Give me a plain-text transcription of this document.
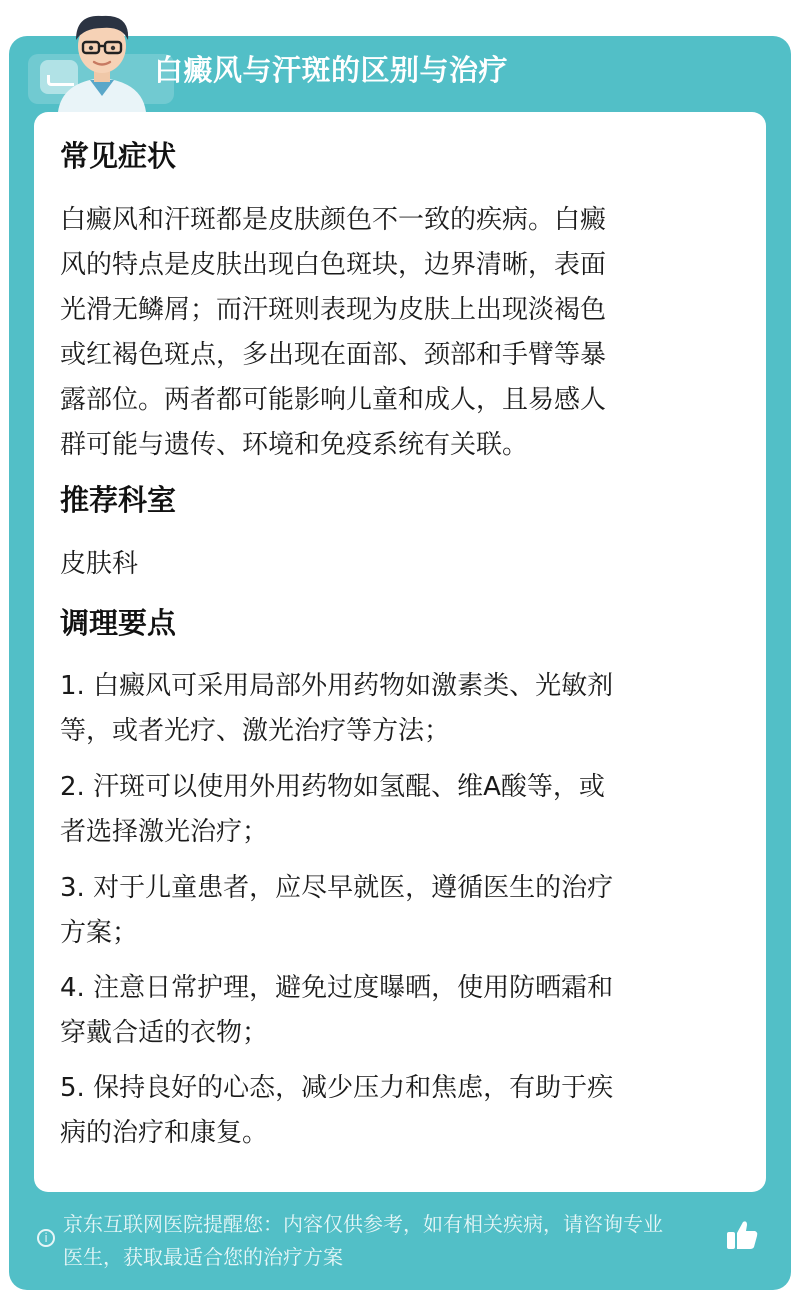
白癜风与汗斑的区别与治疗
常见症状
白癜风和汗斑都是皮肤颜色不一致的疾病。白癜
风的特点是皮肤出现白色斑块，边界清晰，表面
光滑无鳞屑；而汗斑则表现为皮肤上出现淡褐色
或红褐色斑点，多出现在面部、颈部和手臂等暴
露部位。两者都可能影响儿童和成人，且易感人
群可能与遗传、环境和免疫系统有关联。
推荐科室
皮肤科
调理要点
1. 白癜风可采用局部外用药物如激素类、光敏剂
等，或者光疗、激光治疗等方法；
2. 汗斑可以使用外用药物如氢醌、维A酸等，或
者选择激光治疗；
3. 对于儿童患者，应尽早就医，遵循医生的治疗
方案；
4. 注意日常护理，避免过度曝晒，使用防晒霜和
穿戴合适的衣物；
5. 保持良好的心态，减少压力和焦虑，有助于疾
病的治疗和康复。
i
京东互联网医院提醒您：内容仅供参考，如有相关疾病，请咨询专业
医生，获取最适合您的治疗方案
